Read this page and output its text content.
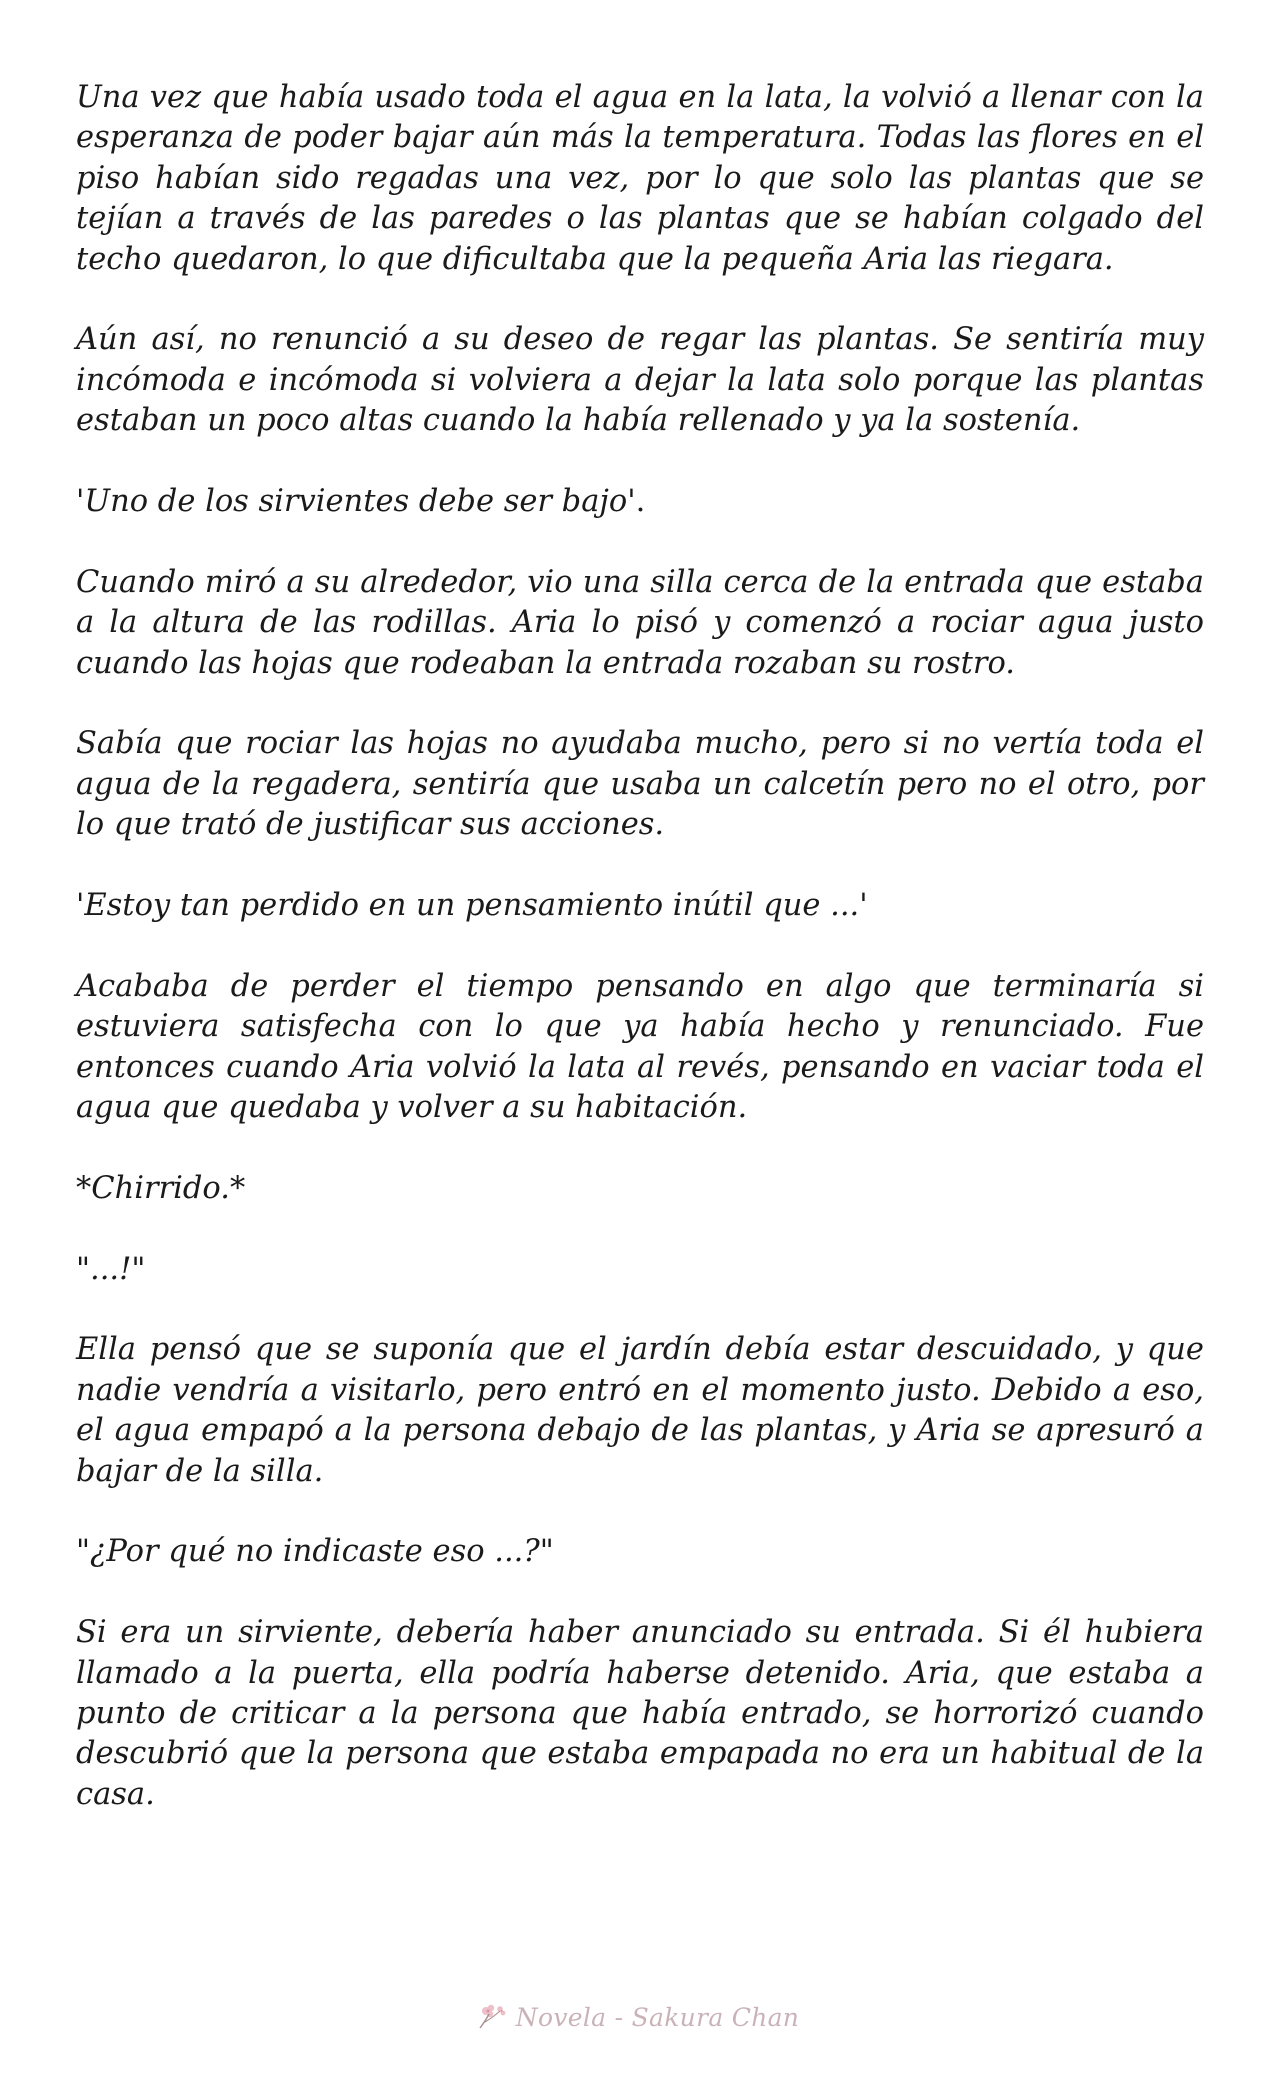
Una vez que había usado toda el agua en la lata, la volvió a llenar con la esperanza de poder bajar aún más la temperatura. Todas las flores en el piso habían sido regadas una vez, por lo que solo las plantas que se tejían a través de las paredes o las plantas que se habían colgado del techo quedaron, lo que dificultaba que la pequeña Aria las riegara.

Aún así, no renunció a su deseo de regar las plantas. Se sentiría muy incómoda e incómoda si volviera a dejar la lata solo porque las plantas estaban un poco altas cuando la había rellenado y ya la sostenía.

'Uno de los sirvientes debe ser bajo'.

Cuando miró a su alrededor, vio una silla cerca de la entrada que estaba a la altura de las rodillas. Aria lo pisó y comenzó a rociar agua justo cuando las hojas que rodeaban la entrada rozaban su rostro.

Sabía que rociar las hojas no ayudaba mucho, pero si no vertía toda el agua de la regadera, sentiría que usaba un calcetín pero no el otro, por lo que trató de justificar sus acciones.

'Estoy tan perdido en un pensamiento inútil que ...'

Acababa de perder el tiempo pensando en algo que terminaría si estuviera satisfecha con lo que ya había hecho y renunciado. Fue entonces cuando Aria volvió la lata al revés, pensando en vaciar toda el agua que quedaba y volver a su habitación.

*Chirrido.*

"...!"

Ella pensó que se suponía que el jardín debía estar descuidado, y que nadie vendría a visitarlo, pero entró en el momento justo. Debido a eso, el agua empapó a la persona debajo de las plantas, y Aria se apresuró a bajar de la silla.

"¿Por qué no indicaste eso ...?"

Si era un sirviente, debería haber anunciado su entrada. Si él hubiera llamado a la puerta, ella podría haberse detenido. Aria, que estaba a punto de criticar a la persona que había entrado, se horrorizó cuando descubrió que la persona que estaba empapada no era un habitual de la casa.

Novela - Sakura Chan
